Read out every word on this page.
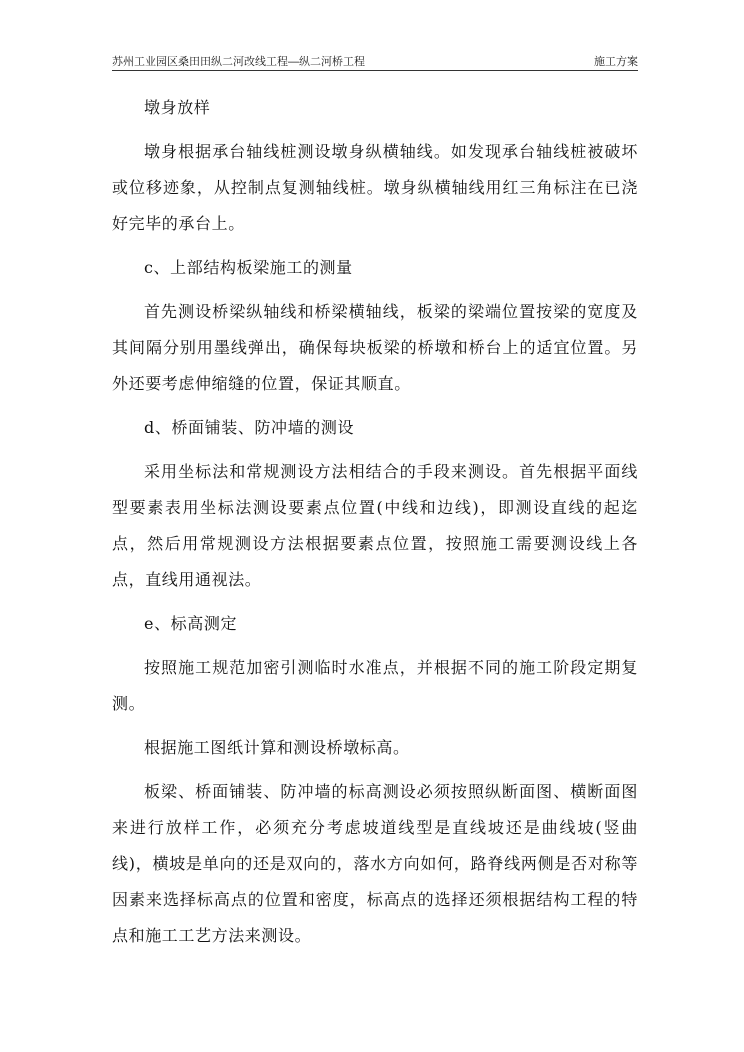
苏州工业园区桑田田纵二河改线工程—纵二河桥工程	施工方案

墩身放样

墩身根据承台轴线桩测设墩身纵横轴线。如发现承台轴线桩被破坏或位移迹象，从控制点复测轴线桩。墩身纵横轴线用红三角标注在已浇好完毕的承台上。

c、上部结构板梁施工的测量

首先测设桥梁纵轴线和桥梁横轴线，板梁的梁端位置按梁的宽度及其间隔分别用墨线弹出，确保每块板梁的桥墩和桥台上的适宜位置。另外还要考虑伸缩缝的位置，保证其顺直。

d、桥面铺装、防冲墙的测设

采用坐标法和常规测设方法相结合的手段来测设。首先根据平面线型要素表用坐标法测设要素点位置(中线和边线)，即测设直线的起迄点，然后用常规测设方法根据要素点位置，按照施工需要测设线上各点，直线用通视法。

e、标高测定

按照施工规范加密引测临时水准点，并根据不同的施工阶段定期复测。

根据施工图纸计算和测设桥墩标高。

板梁、桥面铺装、防冲墙的标高测设必须按照纵断面图、横断面图来进行放样工作，必须充分考虑坡道线型是直线坡还是曲线坡(竖曲线)，横坡是单向的还是双向的，落水方向如何，路脊线两侧是否对称等因素来选择标高点的位置和密度，标高点的选择还须根据结构工程的特点和施工工艺方法来测设。
